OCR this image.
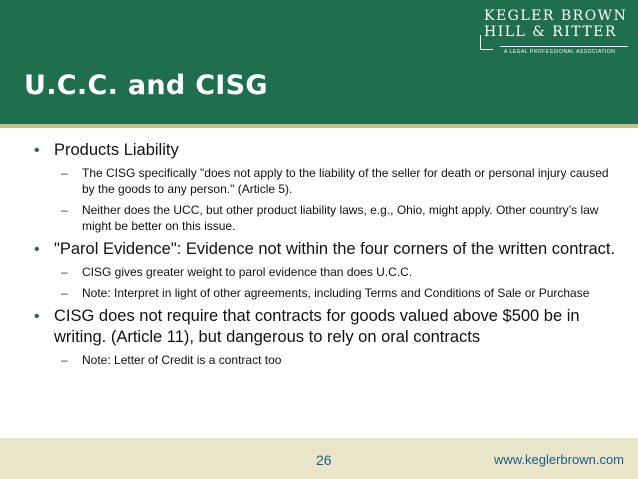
KEGLER BROWN
HILL & RITTER
A LEGAL PROFESSIONAL ASSOCIATION
U.C.C. and CISG
• Products Liability
– The CISG specifically "does not apply to the liability of the seller for death or personal injury caused by the goods to any person." (Article 5).
– Neither does the UCC, but other product liability laws, e.g., Ohio, might apply. Other country’s law might be better on this issue.
• "Parol Evidence": Evidence not within the four corners of the written contract.
– CISG gives greater weight to parol evidence than does U.C.C.
– Note: Interpret in light of other agreements, including Terms and Conditions of Sale or Purchase
• CISG does not require that contracts for goods valued above $500 be in writing. (Article 11), but dangerous to rely on oral contracts
– Note: Letter of Credit is a contract too
26	www.keglerbrown.com
